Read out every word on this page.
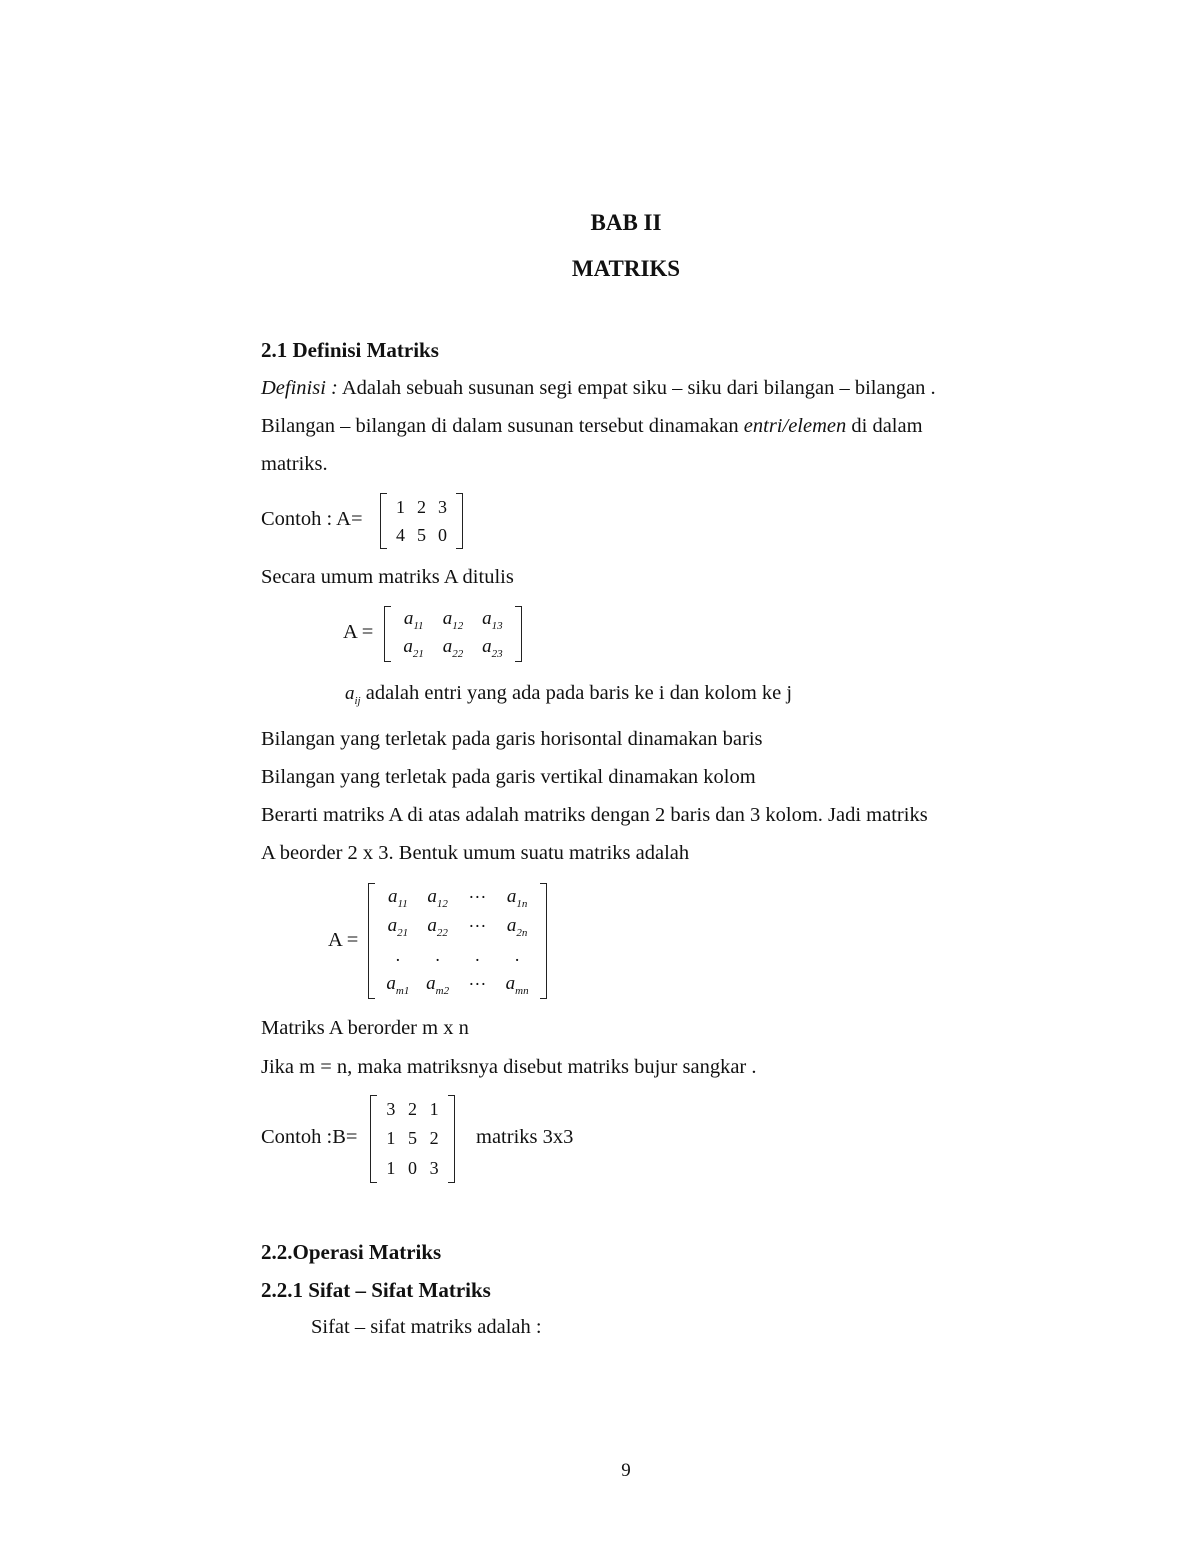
BAB II
MATRIKS
2.1 Definisi Matriks
Definisi : Adalah sebuah susunan segi empat siku – siku dari bilangan – bilangan .
Bilangan – bilangan di dalam susunan tersebut dinamakan entri/elemen di dalam
matriks.
Contoh : A=
1 2 3
4 5 0
Secara umum matriks A ditulis
A =
$a_{11}$ $a_{12}$ $a_{13}$
$a_{21}$ $a_{22}$ $a_{23}$
$a_{ij}$ adalah entri yang ada pada baris ke i dan kolom ke j
Bilangan yang terletak pada garis horisontal dinamakan baris
Bilangan yang terletak pada garis vertikal dinamakan kolom
Berarti matriks A di atas adalah matriks dengan 2 baris dan 3 kolom. Jadi matriks
A beorder 2 x 3. Bentuk umum suatu matriks adalah
A =
$a_{11}$ $a_{12}$ ··· $a_{1n}$
$a_{21}$ $a_{22}$ ··· $a_{2n}$
. . . .
$a_{m1}$ $a_{m2}$ ··· $a_{mn}$
Matriks A berorder m x n
Jika m = n, maka matriksnya disebut matriks bujur sangkar .
Contoh :B=
3 2 1
1 5 2
1 0 3
matriks 3x3
2.2.Operasi Matriks
2.2.1 Sifat – Sifat Matriks
Sifat – sifat matriks adalah :
9
